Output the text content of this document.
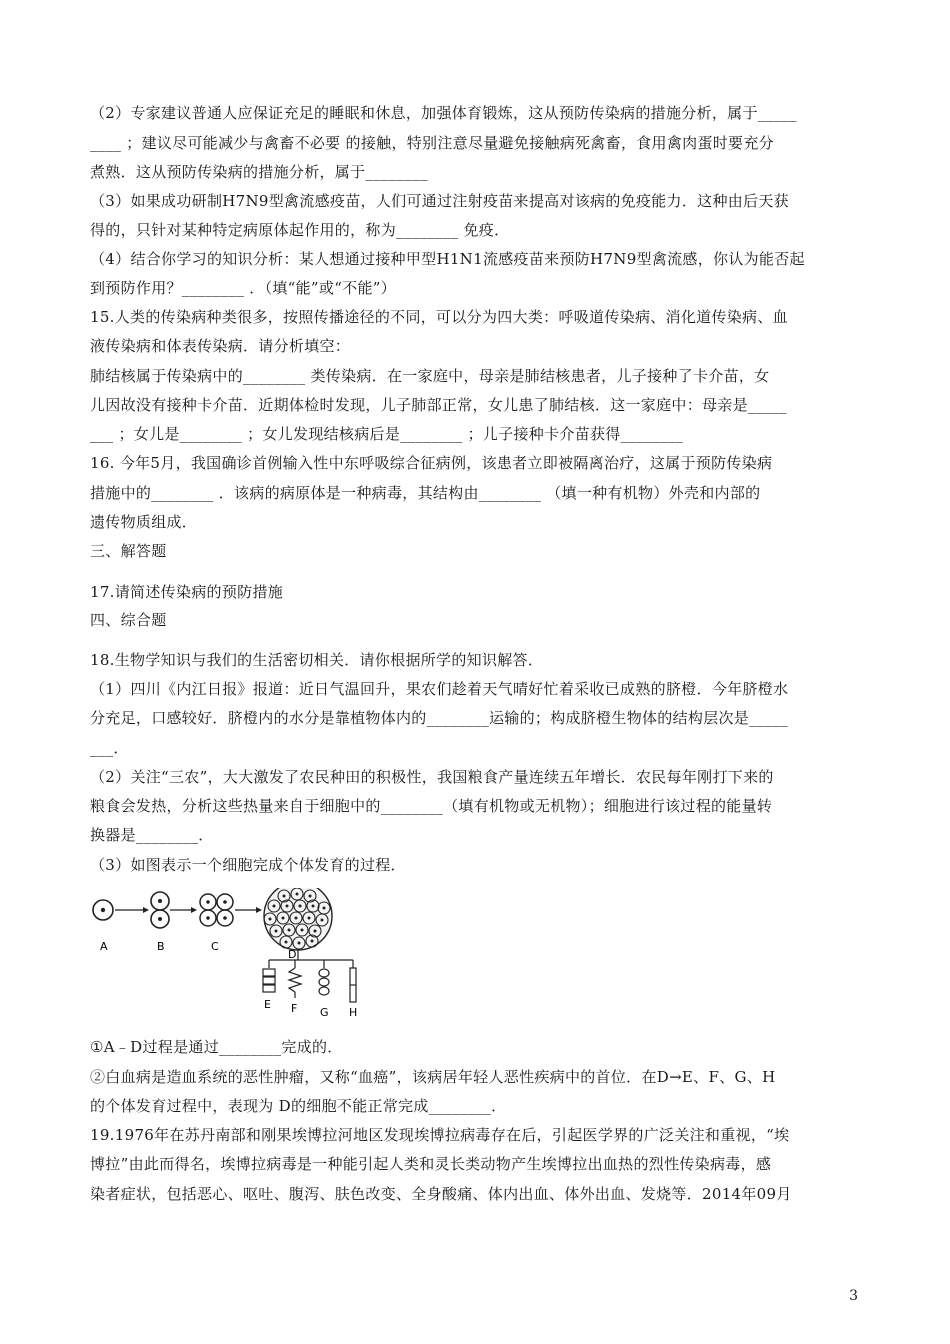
（2）专家建议普通人应保证充足的睡眠和休息，加强体育锻炼，这从预防传染病的措施分析，属于_____
____ ；建议尽可能减少与禽畜不必要 的接触，特别注意尽量避免接触病死禽畜，食用禽肉蛋时要充分
煮熟．这从预防传染病的措施分析，属于________
（3）如果成功研制H7N9型禽流感疫苗，人们可通过注射疫苗来提高对该病的免疫能力．这种由后天获
得的，只针对某种特定病原体起作用的，称为________ 免疫．
（4）结合你学习的知识分析：某人想通过接种甲型H1N1流感疫苗来预防H7N9型禽流感，你认为能否起
到预防作用？________ ．（填“能”或“不能”）
15.人类的传染病种类很多，按照传播途径的不同，可以分为四大类：呼吸道传染病、消化道传染病、血
液传染病和体表传染病．请分析填空：
肺结核属于传染病中的________ 类传染病．在一家庭中，母亲是肺结核患者，儿子接种了卡介苗，女
儿因故没有接种卡介苗．近期体检时发现，儿子肺部正常，女儿患了肺结核．这一家庭中：母亲是_____
___ ；女儿是________ ；女儿发现结核病后是________ ；儿子接种卡介苗获得________
16. 今年5月，我国确诊首例输入性中东呼吸综合征病例，该患者立即被隔离治疗，这属于预防传染病
措施中的________ ．该病的病原体是一种病毒，其结构由________ （填一种有机物）外壳和内部的
遗传物质组成．
三、解答题
17.请简述传染病的预防措施
四、综合题
18.生物学知识与我们的生活密切相关．请你根据所学的知识解答．
（1）四川《内江日报》报道：近日气温回升，果农们趁着天气晴好忙着采收已成熟的脐橙．今年脐橙水
分充足，口感较好．脐橙内的水分是靠植物体内的________运输的；构成脐橙生物体的结构层次是_____
___．
（2）关注“三农”，大大激发了农民种田的积极性，我国粮食产量连续五年增长．农民每年刚打下来的
粮食会发热，分析这些热量来自于细胞中的________（填有机物或无机物）；细胞进行该过程的能量转
换器是________．
（3）如图表示一个细胞完成个体发育的过程．
A	B	C
D
E F G H
①A﹣D过程是通过________完成的．
②白血病是造血系统的恶性肿瘤，又称“血癌”，该病居年轻人恶性疾病中的首位．在D→E、F、G、H
的个体发育过程中，表现为 D的细胞不能正常完成________．
19.1976年在苏丹南部和刚果埃博拉河地区发现埃博拉病毒存在后，引起医学界的广泛关注和重视，“埃
博拉”由此而得名，埃博拉病毒是一种能引起人类和灵长类动物产生埃博拉出血热的烈性传染病毒，感
染者症状，包括恶心、呕吐、腹泻、肤色改变、全身酸痛、体内出血、体外出血、发烧等．2014年09月
3
